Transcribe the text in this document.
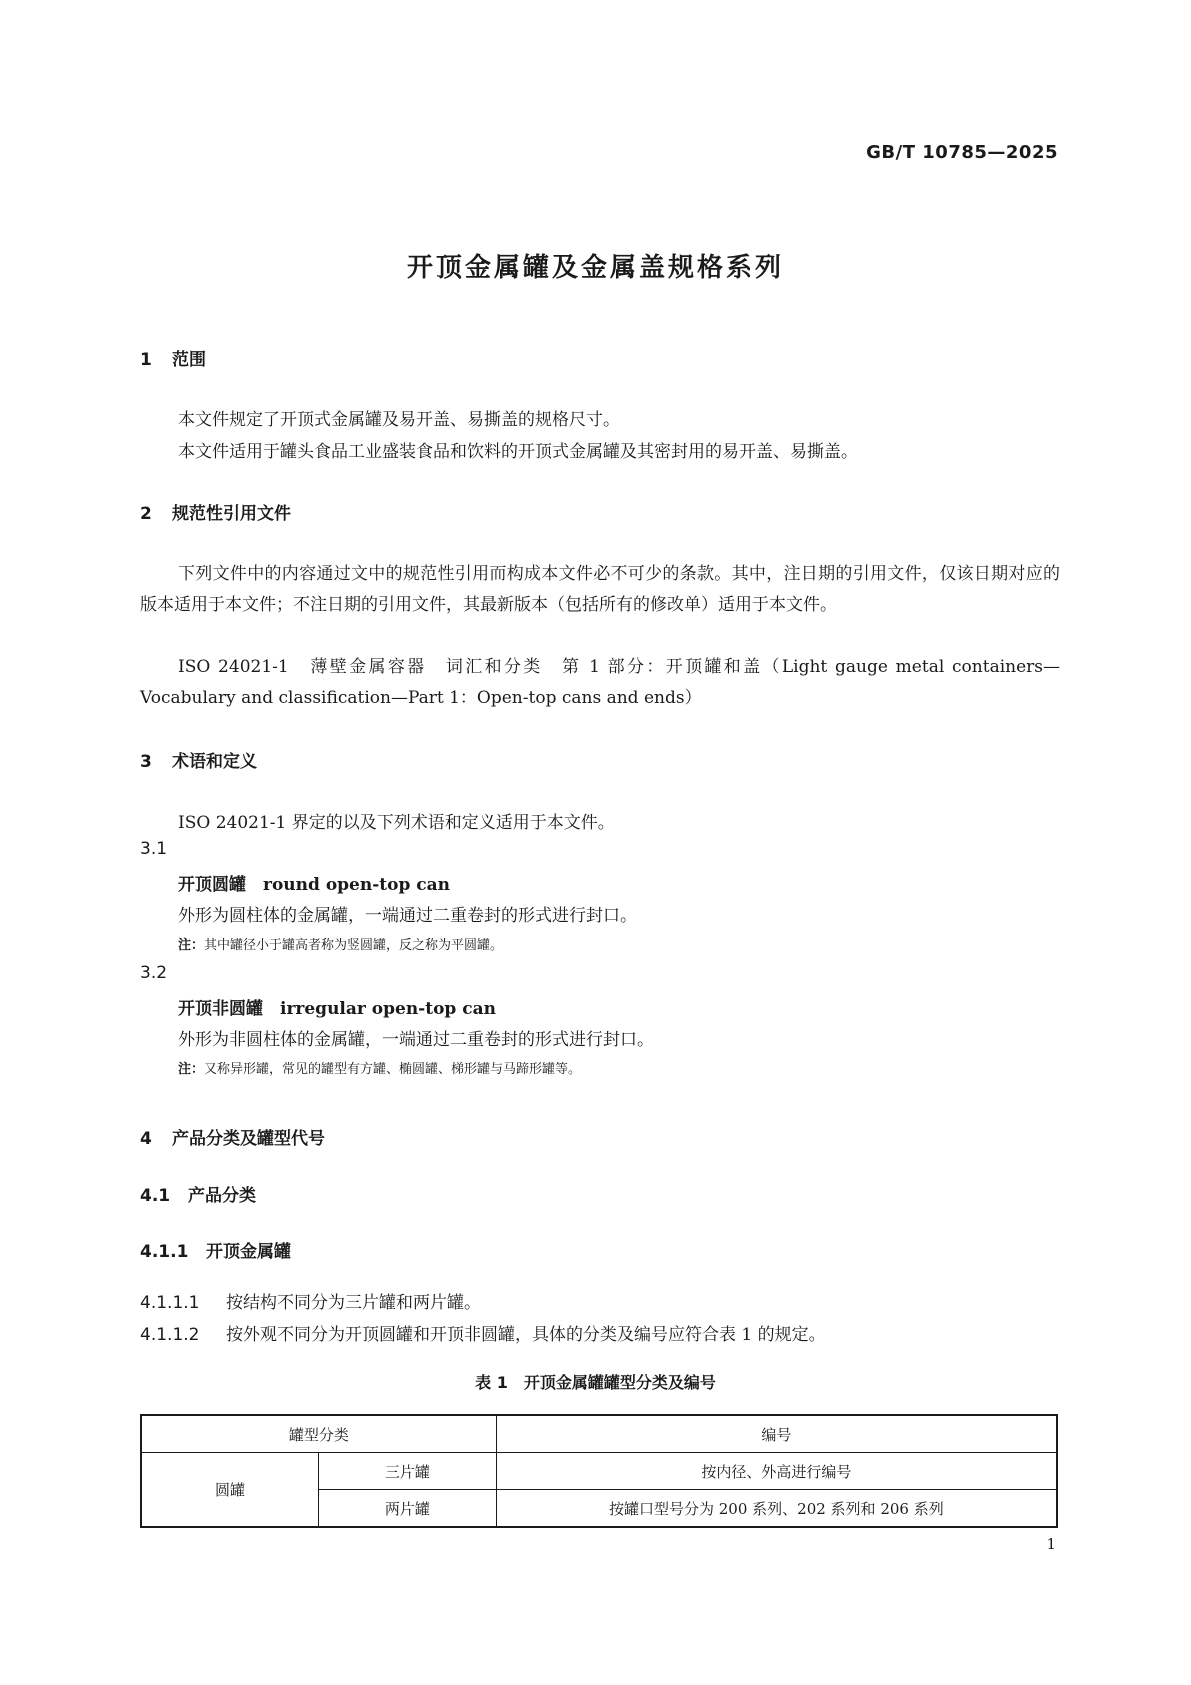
GB/T 10785—2025
开顶金属罐及金属盖规格系列
1 范围
本文件规定了开顶式金属罐及易开盖、易撕盖的规格尺寸。
本文件适用于罐头食品工业盛装食品和饮料的开顶式金属罐及其密封用的易开盖、易撕盖。
2 规范性引用文件
下列文件中的内容通过文中的规范性引用而构成本文件必不可少的条款。其中，注日期的引用文件，仅该日期对应的版本适用于本文件；不注日期的引用文件，其最新版本（包括所有的修改单）适用于本文件。
ISO 24021-1　薄壁金属容器　词汇和分类　第 1 部分：开顶罐和盖（Light gauge metal containers—Vocabulary and classification—Part 1：Open-top cans and ends）
3 术语和定义
ISO 24021-1 界定的以及下列术语和定义适用于本文件。
3.1
开顶圆罐  round open-top can
外形为圆柱体的金属罐，一端通过二重卷封的形式进行封口。
注：其中罐径小于罐高者称为竖圆罐，反之称为平圆罐。
3.2
开顶非圆罐  irregular open-top can
外形为非圆柱体的金属罐，一端通过二重卷封的形式进行封口。
注：又称异形罐，常见的罐型有方罐、椭圆罐、梯形罐与马蹄形罐等。
4 产品分类及罐型代号
4.1 产品分类
4.1.1 开顶金属罐
4.1.1.1 按结构不同分为三片罐和两片罐。
4.1.1.2 按外观不同分为开顶圆罐和开顶非圆罐，具体的分类及编号应符合表 1 的规定。
表 1　开顶金属罐罐型分类及编号
罐型分类		编号
圆罐	三片罐	按内径、外高进行编号
	两片罐	按罐口型号分为 200 系列、202 系列和 206 系列
1
